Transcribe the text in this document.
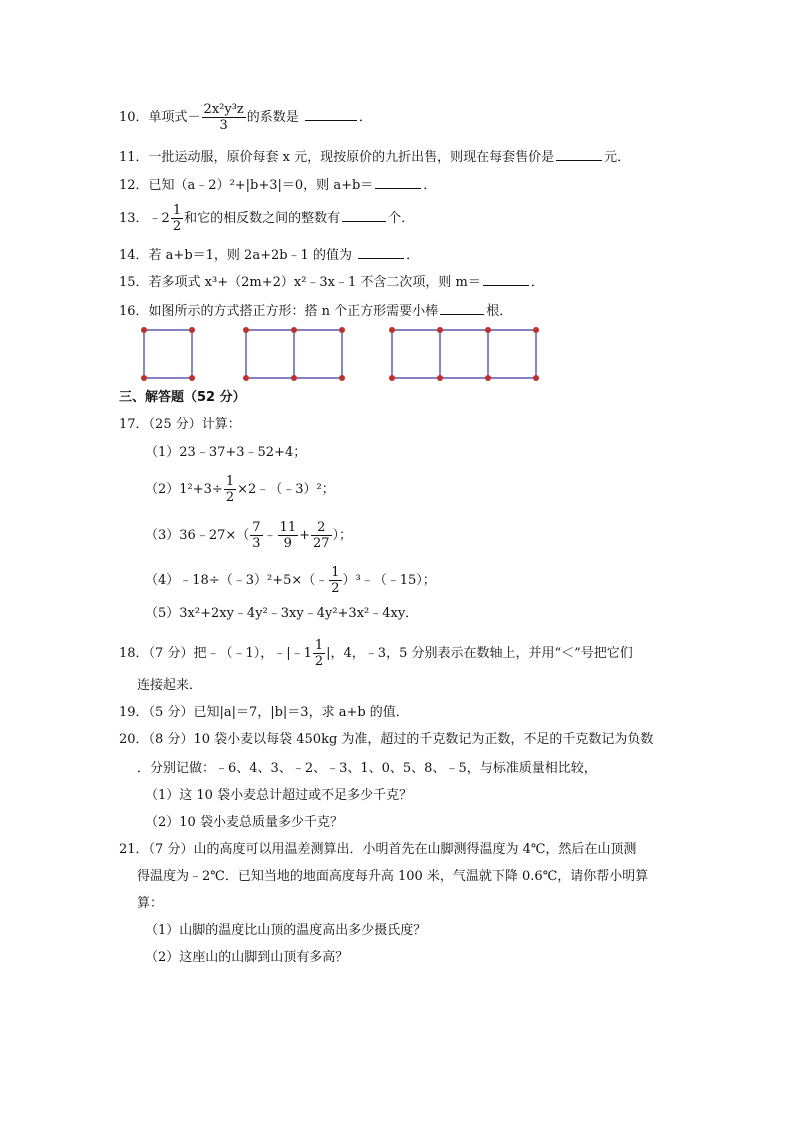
10．单项式－ $\frac{\text{2x²y³z}}{3}$ 的系数是	．
11．一批运动服，原价每套 x 元，现按原价的九折出售，则现在每套售价是	元．
12．已知（a﹣2）²+|b+3|＝0，则 a+b＝	．
13．﹣2 $\frac{1}{2}$ 和它的相反数之间的整数有	个．
14．若 a+b＝1，则 2a+2b﹣1 的值为	．
15．若多项式 x³+（2m+2）x²﹣3x﹣1 不含二次项，则 m＝	．
16．如图所示的方式搭正方形：搭 n 个正方形需要小棒	根．
三、解答题（52 分）
17．（25 分）计算：
（1）23﹣37+3﹣52+4；
$(2)1^2+3\div \frac{1}{2}$ ×2﹣（﹣3）²；
（3）36﹣27×（ $\frac{7}{3}$ ﹣ $\frac{11}{9} + \frac{2}{27}$ ）；
（4）﹣18÷（﹣3）²+5×（﹣ $\frac{1}{2}$ ）³﹣（﹣15）；
（5）3x²+2xy﹣4y²﹣3xy﹣4y²+3x²﹣4xy．
18．（7 分）把﹣（﹣1），﹣|﹣1 $\frac{1}{2}$ |，4，﹣3，5 分别表示在数轴上，并用“＜”号把它们
连接起来．
19．（5 分）已知|a|＝7，|b|＝3，求 a+b 的值．
20．（8 分）10 袋小麦以每袋 450kg 为准，超过的千克数记为正数，不足的千克数记为负数
．分别记做：﹣6、4、3、﹣2、﹣3、1、0、5、8、﹣5，与标准质量相比较，
（1）这 10 袋小麦总计超过或不足多少千克？
（2）10 袋小麦总质量多少千克？
21．（7 分）山的高度可以用温差测算出．小明首先在山脚测得温度为 4℃，然后在山顶测
得温度为﹣2℃．已知当地的地面高度每升高 100 米，气温就下降 0.6℃，请你帮小明算
算：
（1）山脚的温度比山顶的温度高出多少摄氏度？
（2）这座山的山脚到山顶有多高？
